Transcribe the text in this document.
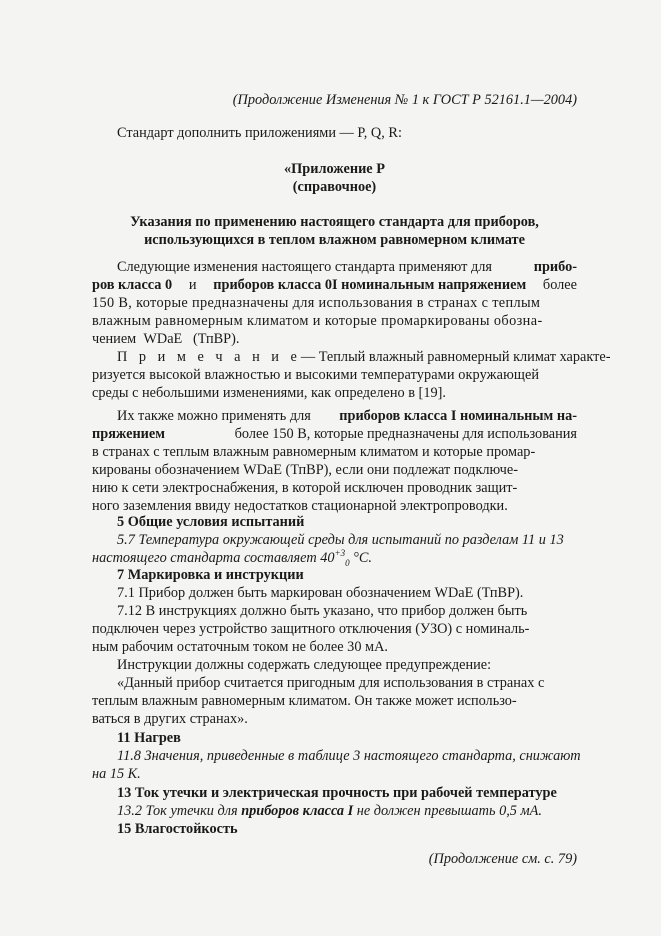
(Продолжение Изменения № 1 к ГОСТ Р 52161.1—2004)
Стандарт дополнить приложениями — P, Q, R:
«Приложение P
(справочное)
Указания по применению настоящего стандарта для приборов,
использующихся в теплом влажном равномерном климате
Следующие изменения настоящего стандарта применяют для	прибо-
ров класса 0 и приборов класса 0I номинальным напряжением более
150 В, которые предназначены для использования в странах с теплым
влажным равномерным климатом и которые промаркированы обозна-
чением  WDaE   (ТпВР).
П р и м е ч а н и е— Теплый влажный равномерный климат характе-
ризуется высокой влажностью и высокими температурами окружающей
среды с небольшими изменениями, как определено в [19].
Их также можно применять для приборов класса I номинальным на-
пряжением	более 150 В, которые предназначены для использования
в странах с теплым влажным равномерным климатом и которые промар-
кированы обозначением WDaE (ТпВР), если они подлежат подключе-
нию к сети электроснабжения, в которой исключен проводник защит-
ного заземления ввиду недостатков стационарной электропроводки.
5 Общие условия испытаний
5.7 Температура окружающей среды для испытаний по разделам 11 и 13
настоящего стандарта составляет $40^{+3}_0$ °C.
7 Маркировка и инструкции
7.1 Прибор должен быть маркирован обозначением WDaE (ТпВР).
7.12 В инструкциях должно быть указано, что прибор должен быть
подключен через устройство защитного отключения (УЗО) с номиналь-
ным рабочим остаточным током не более 30 мА.
Инструкции должны содержать следующее предупреждение:
«Данный прибор считается пригодным для использования в странах с
теплым влажным равномерным климатом. Он также может использо-
ваться в других странах».
11 Нагрев
11.8 Значения, приведенные в таблице 3 настоящего стандарта, снижают
на 15 К.
13 Ток утечки и электрическая прочность при рабочей температуре
13.2 Ток утечки для приборов класса I не должен превышать 0,5 мА.
15 Влагостойкость
(Продолжение см. с. 79)
